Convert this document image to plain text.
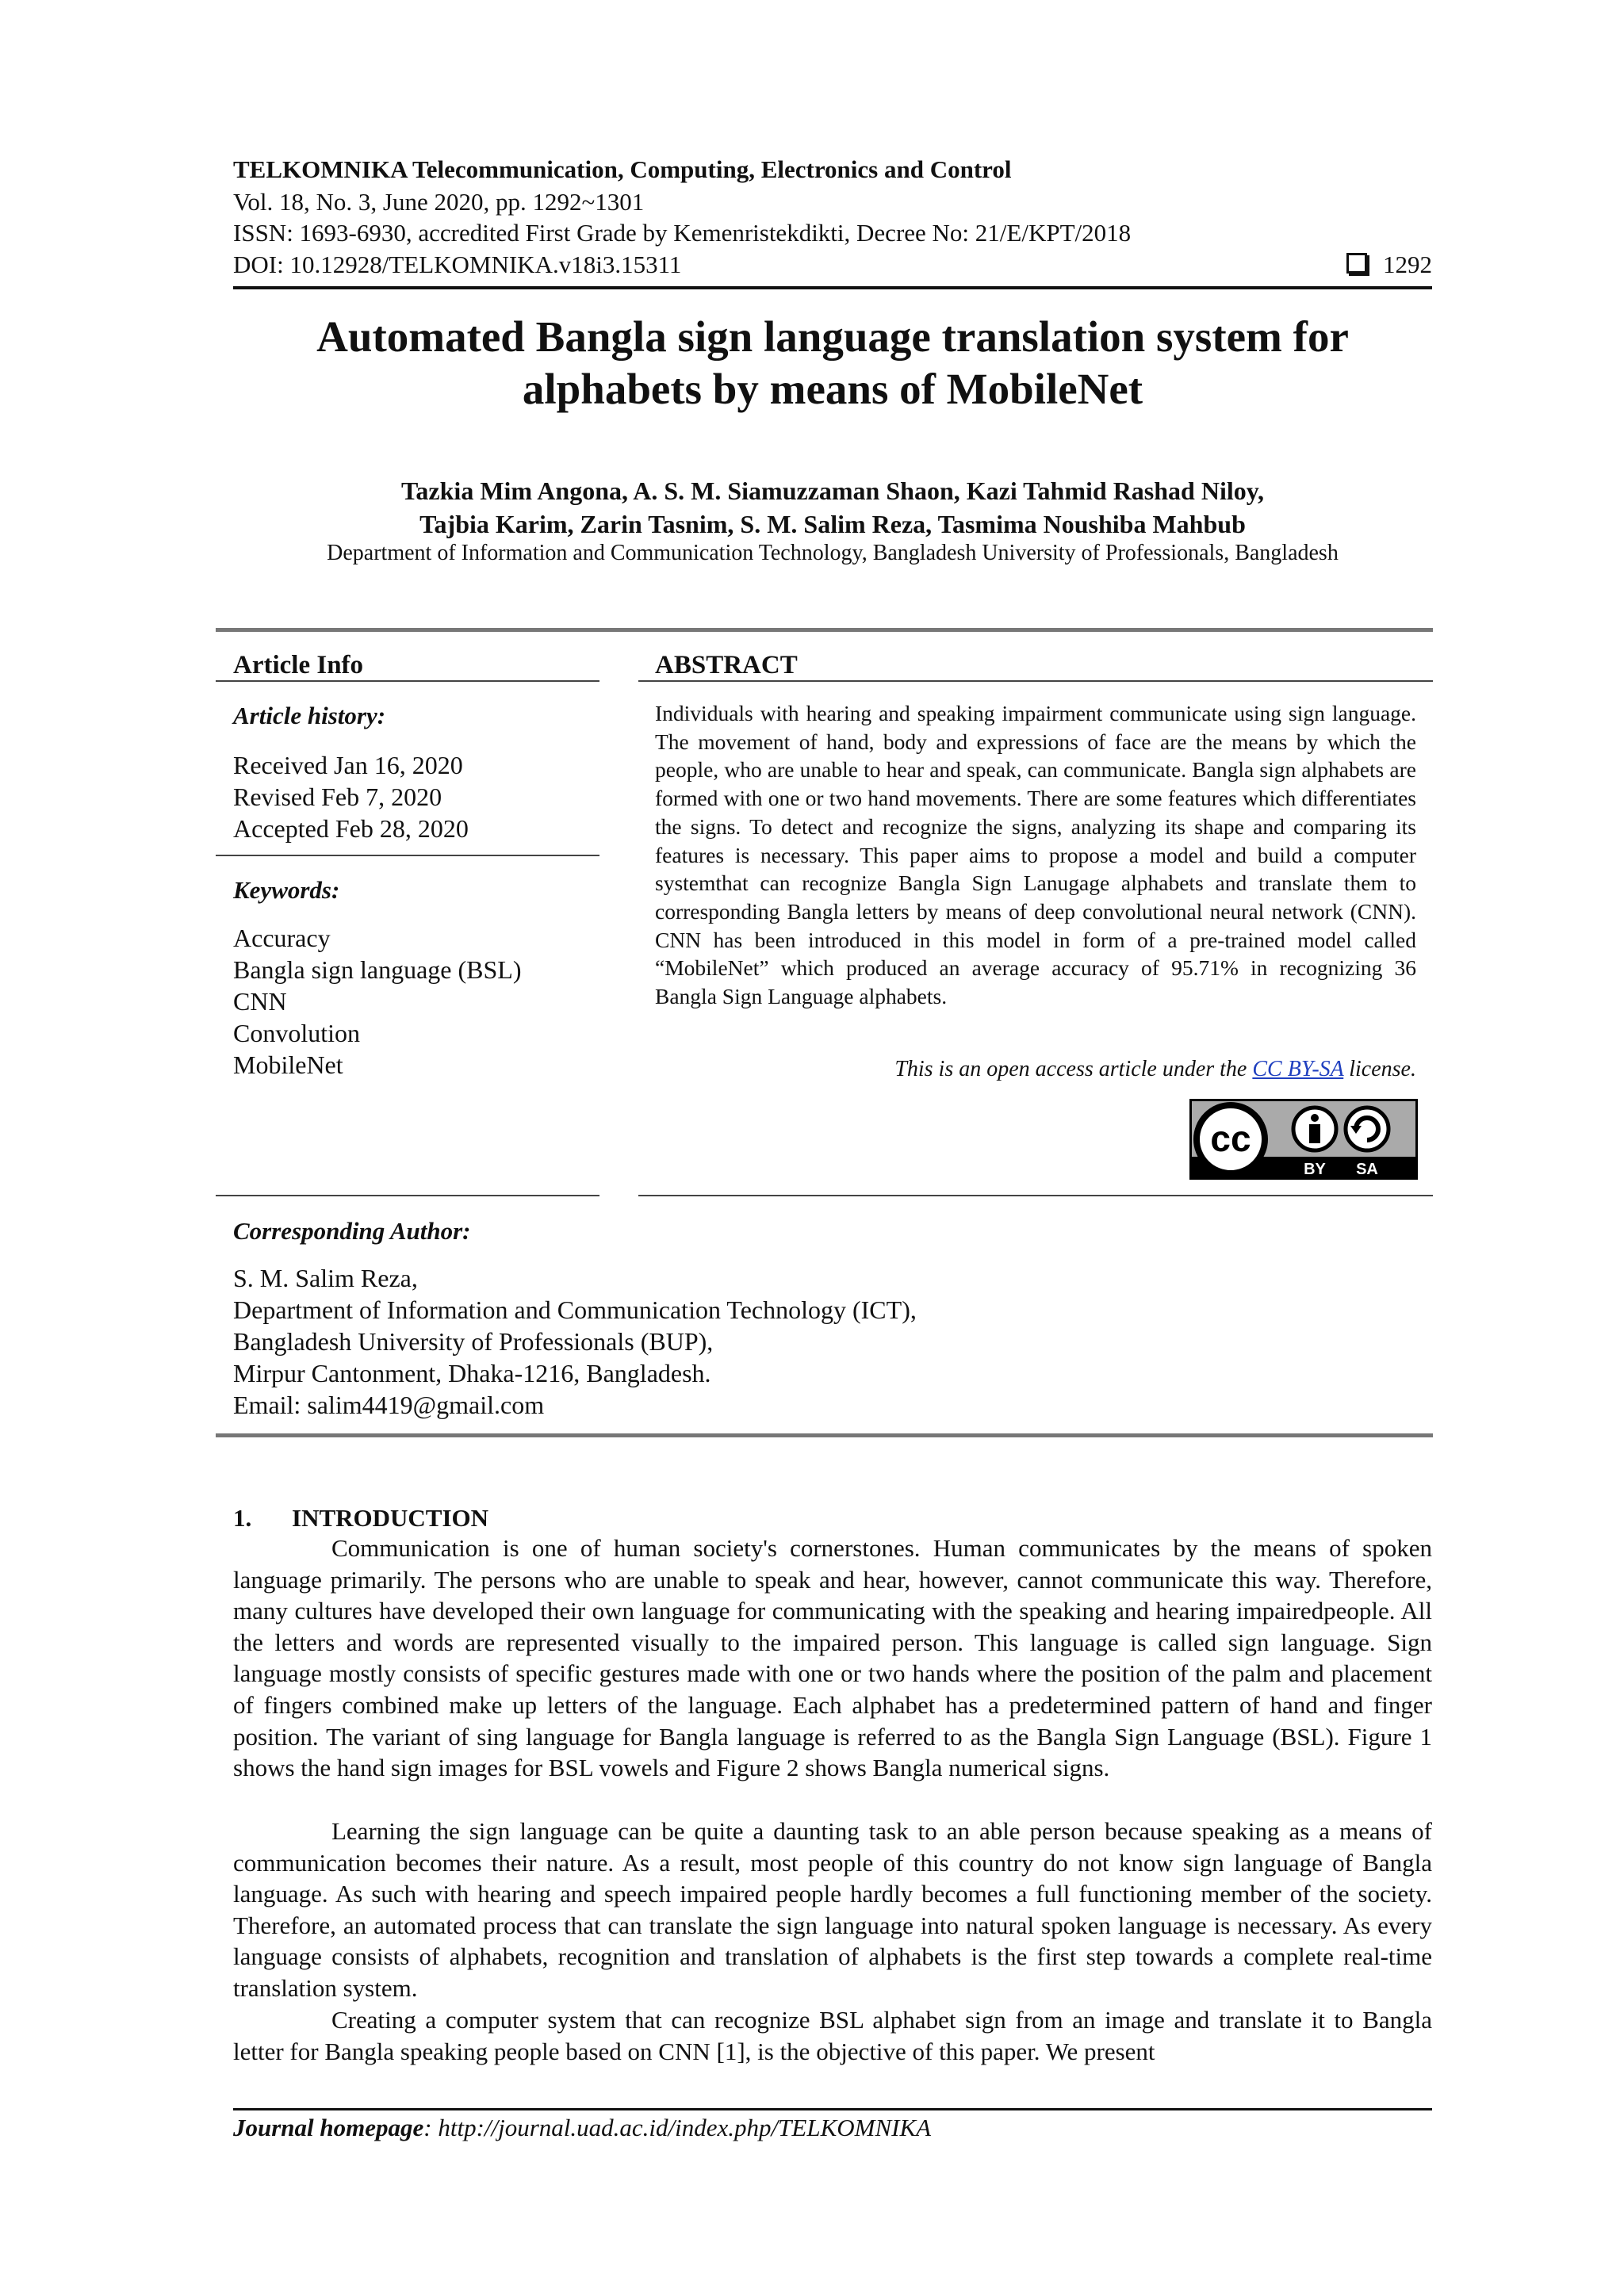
TELKOMNIKA Telecommunication, Computing, Electronics and Control
Vol. 18, No. 3, June 2020, pp. 1292~1301
ISSN: 1693-6930, accredited First Grade by Kemenristekdikti, Decree No: 21/E/KPT/2018
DOI: 10.12928/TELKOMNIKA.v18i3.15311	1292
Automated Bangla sign language translation system for
alphabets by means of MobileNet
Tazkia Mim Angona, A. S. M. Siamuzzaman Shaon, Kazi Tahmid Rashad Niloy,
Tajbia Karim, Zarin Tasnim, S. M. Salim Reza, Tasmima Noushiba Mahbub
Department of Information and Communication Technology, Bangladesh University of Professionals, Bangladesh
Article Info
Article history:
Received Jan 16, 2020
Revised Feb 7, 2020
Accepted Feb 28, 2020
Keywords:
Accuracy
Bangla sign language (BSL)
CNN
Convolution
MobileNet
ABSTRACT
Individuals with hearing and speaking impairment communicate using sign language. The movement of hand, body and expressions of face are the means by which the people, who are unable to hear and speak, can communicate. Bangla sign alphabets are formed with one or two hand movements. There are some features which differentiates the signs. To detect and recognize the signs, analyzing its shape and comparing its features is necessary. This paper aims to propose a model and build a computer systemthat can recognize Bangla Sign Lanugage alphabets and translate them to corresponding Bangla letters by means of deep convolutional neural network (CNN). CNN has been introduced in this model in form of a pre-trained model called “MobileNet” which produced an average accuracy of 95.71% in recognizing 36 Bangla Sign Language alphabets.
This is an open access article under the CC BY-SA license.
cc
BY SA
Corresponding Author:
S. M. Salim Reza,
Department of Information and Communication Technology (ICT),
Bangladesh University of Professionals (BUP),
Mirpur Cantonment, Dhaka-1216, Bangladesh.
Email: salim4419@gmail.com
1. INTRODUCTION
Communication is one of human society's cornerstones. Human communicates by the means of spoken language primarily. The persons who are unable to speak and hear, however, cannot communicate this way. Therefore, many cultures have developed their own language for communicating with the speaking and hearing impairedpeople. All the letters and words are represented visually to the impaired person. This language is called sign language. Sign language mostly consists of specific gestures made with one or two hands where the position of the palm and placement of fingers combined make up letters of the language. Each alphabet has a predetermined pattern of hand and finger position. The variant of sing language for Bangla language is referred to as the Bangla Sign Language (BSL). Figure 1 shows the hand sign images for BSL vowels and Figure 2 shows Bangla numerical signs.
Learning the sign language can be quite a daunting task to an able person because speaking as a means of communication becomes their nature. As a result, most people of this country do not know sign language of Bangla language. As such with hearing and speech impaired people hardly becomes a full functioning member of the society. Therefore, an automated process that can translate the sign language into natural spoken language is necessary. As every language consists of alphabets, recognition and translation of alphabets is the first step towards a complete real-time translation system.
Creating a computer system that can recognize BSL alphabet sign from an image and translate it to Bangla letter for Bangla speaking people based on CNN [1], is the objective of this paper. We present
Journal homepage: http://journal.uad.ac.id/index.php/TELKOMNIKA
